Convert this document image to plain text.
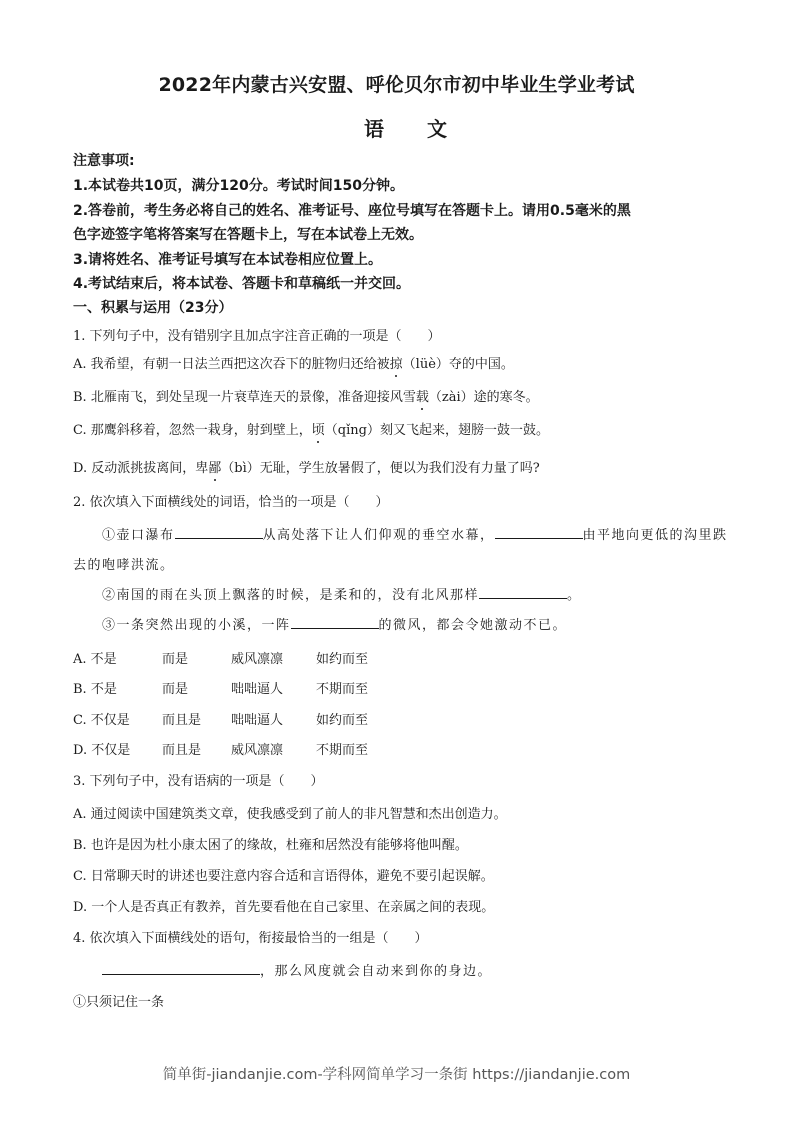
2022年内蒙古兴安盟、呼伦贝尔市初中毕业生学业考试
语 文
注意事项:
1.本试卷共10页，满分120分。考试时间150分钟。
2.答卷前，考生务必将自己的姓名、准考证号、座位号填写在答题卡上。请用0.5毫米的黑
色字迹签字笔将答案写在答题卡上，写在本试卷上无效。
3.请将姓名、准考证号填写在本试卷相应位置上。
4.考试结束后，将本试卷、答题卡和草稿纸一并交回。
一、积累与运用（23分）
1. 下列句子中，没有错别字且加点字注音正确的一项是（　　）
A. 我希望，有朝一日法兰西把这次吞下的脏物归还给被掠（lüè）夺的中国。
B. 北雁南飞，到处呈现一片衰草连天的景像，准备迎接风雪载（zài）途的寒冬。
C. 那鹰斜移着，忽然一栽身，射到壁上，顷（qǐng）刻又飞起来，翅膀一鼓一鼓。
D. 反动派挑拔离间，卑鄙（bì）无耻，学生放暑假了，便以为我们没有力量了吗?
2. 依次填入下面横线处的词语，恰当的一项是（　　）
①壶口瀑布	从高处落下让人们仰观的垂空水幕，	由平地向更低的沟里跌
去的咆哮洪流。
②南国的雨在头顶上飘落的时候，是柔和的，没有北风那样	。
③一条突然出现的小溪，一阵	的微风，都会令她激动不已。
A. 不是	而是	威风凛凛	如约而至
B. 不是	而是	咄咄逼人	不期而至
C. 不仅是 而且是 咄咄逼人	如约而至
D. 不仅是 而且是 威风凛凛	不期而至
3. 下列句子中，没有语病的一项是（　　）
A. 通过阅读中国建筑类文章，使我感受到了前人的非凡智慧和杰出创造力。
B. 也许是因为杜小康太困了的缘故，杜雍和居然没有能够将他叫醒。
C. 日常聊天时的讲述也要注意内容合适和言语得体，避免不要引起误解。
D. 一个人是否真正有教养，首先要看他在自己家里、在亲属之间的表现。
4. 依次填入下面横线处的语句，衔接最恰当的一组是（　　）
，那么风度就会自动来到你的身边。
①只须记住一条
简单街-jiandanjie.com-学科网简单学习一条街 https://jiandanjie.com
